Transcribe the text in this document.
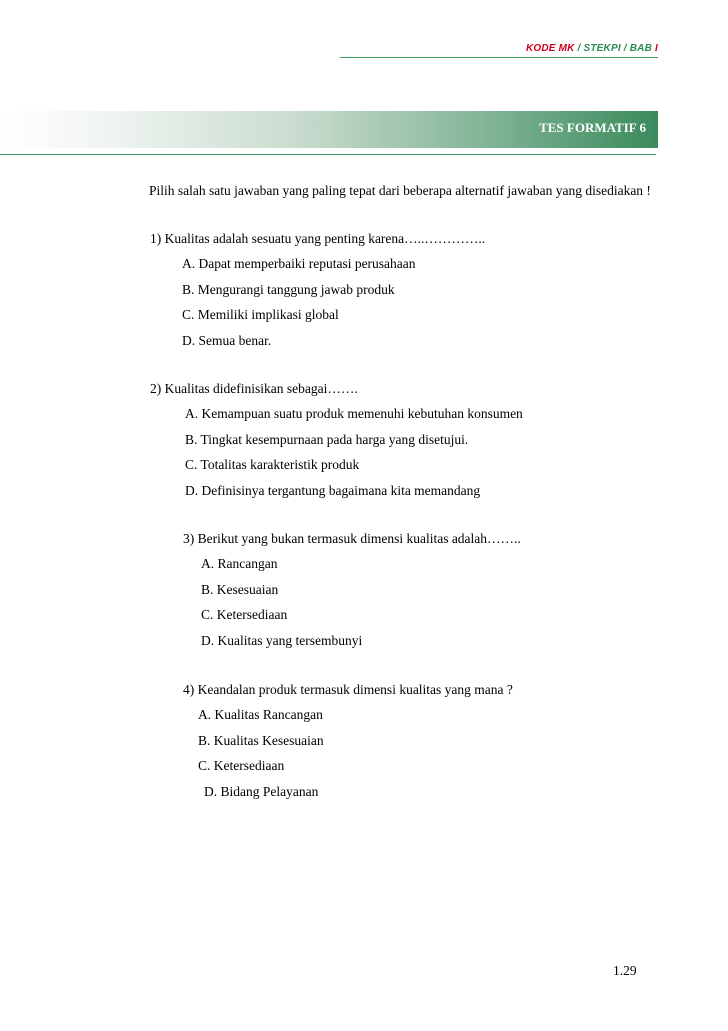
KODE MK / STEKPI / BAB I
TES FORMATIF 6

Pilih salah satu jawaban yang paling tepat dari beberapa alternatif jawaban yang disediakan !

1) Kualitas adalah sesuatu yang penting karena…..…………..

A. Dapat memperbaiki reputasi perusahaan

B. Mengurangi tanggung jawab produk

C. Memiliki implikasi global

D. Semua benar.

2) Kualitas didefinisikan sebagai…….

A. Kemampuan suatu produk memenuhi kebutuhan konsumen

B. Tingkat kesempurnaan pada harga yang disetujui.

C. Totalitas karakteristik produk

D. Definisinya tergantung bagaimana kita memandang

3) Berikut yang bukan termasuk dimensi kualitas adalah……..

A. Rancangan

B. Kesesuaian

C. Ketersediaan

D. Kualitas yang tersembunyi

4) Keandalan produk termasuk dimensi kualitas yang mana ?

A. Kualitas Rancangan

B. Kualitas Kesesuaian

C. Ketersediaan

D. Bidang Pelayanan

1.29
